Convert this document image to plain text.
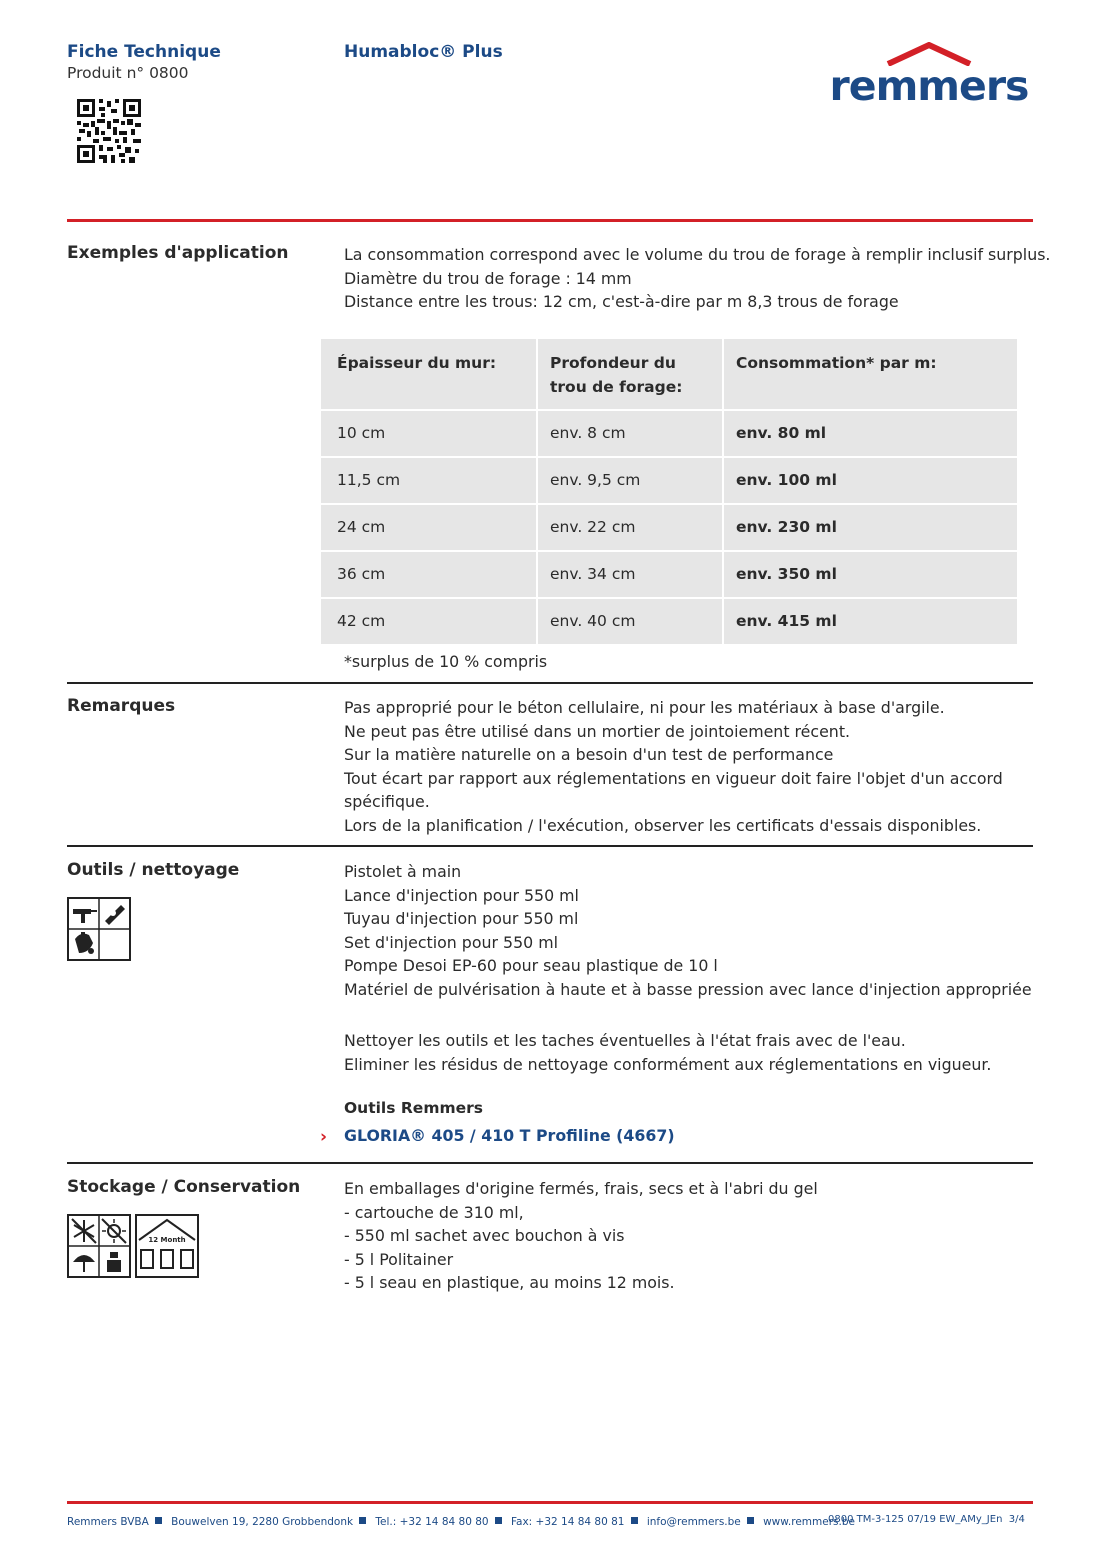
Fiche Technique
Produit n° 0800
Humabloc® Plus
remmers
Exemples d'application	La consommation correspond avec le volume du trou de forage à remplir inclusif surplus.
Diamètre du trou de forage : 14 mm
Distance entre les trous: 12 cm, c'est-à-dire par m 8,3 trous de forage
Épaisseur du mur:	Profondeur du trou de forage:	Consommation* par m:
10 cm	env. 8 cm	env. 80 ml
11,5 cm	env. 9,5 cm	env. 100 ml
24 cm	env. 22 cm	env. 230 ml
36 cm	env. 34 cm	env. 350 ml
42 cm	env. 40 cm	env. 415 ml
*surplus de 10 % compris
Remarques	Pas approprié pour le béton cellulaire, ni pour les matériaux à base d'argile.
Ne peut pas être utilisé dans un mortier de jointoiement récent.
Sur la matière naturelle on a besoin d'un test de performance
Tout écart par rapport aux réglementations en vigueur doit faire l'objet d'un accord spécifique.
Lors de la planification / l'exécution, observer les certificats d'essais disponibles.
Outils / nettoyage	Pistolet à main
Lance d'injection pour 550 ml
Tuyau d'injection pour 550 ml
Set d'injection pour 550 ml
Pompe Desoi EP-60 pour seau plastique de 10 l
Matériel de pulvérisation à haute et à basse pression avec lance d'injection appropriée
Nettoyer les outils et les taches éventuelles à l'état frais avec de l'eau.
Eliminer les résidus de nettoyage conformément aux réglementations en vigueur.
Outils Remmers
› GLORIA® 405 / 410 T Profiline (4667)
Stockage / Conservation
12 Month
En emballages d'origine fermés, frais, secs et à l'abri du gel
- cartouche de 310 ml,
- 550 ml sachet avec bouchon à vis
- 5 l Politainer
- 5 l seau en plastique, au moins 12 mois.
Remmers BVBA Bouwelven 19, 2280 Grobbendonk Tel.: +32 14 84 80 80 Fax: +32 14 84 80 81 info@remmers.be www.remmers.be
0800 TM-3-125 07/19 EW_AMy_JEn 3/4
